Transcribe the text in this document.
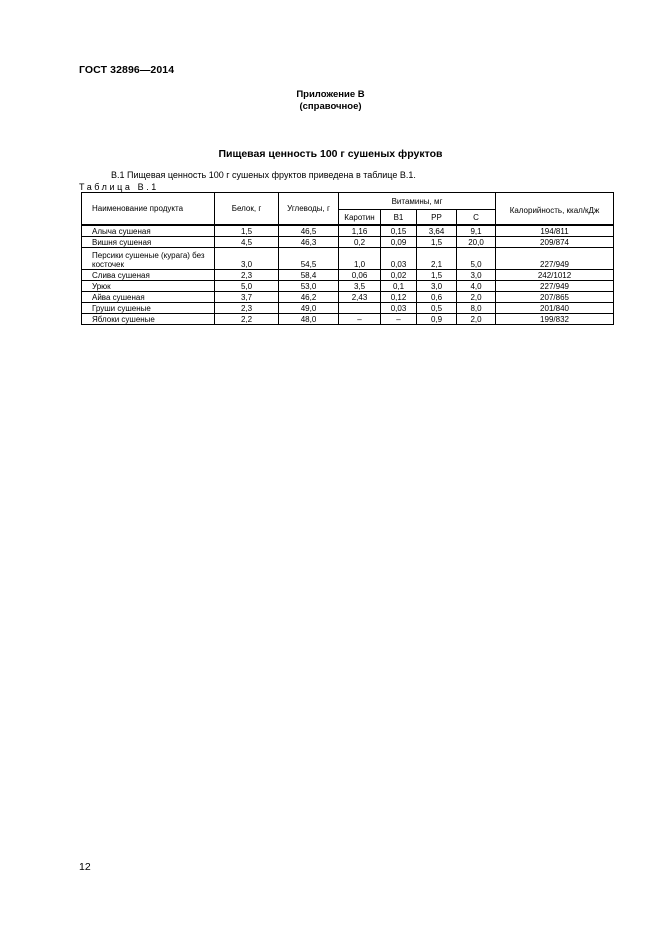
ГОСТ 32896—2014
Приложение В
(справочное)
Пищевая ценность 100 г сушеных фруктов
В.1 Пищевая ценность 100 г сушеных фруктов приведена в таблице В.1.
Таблица В.1
Наименование продукта	Белок, г	Углеводы, г	Витамины, мг				Калорийность, ккал/кДж
			Каротин	В1	РР	С	
Алыча сушеная	1,5	46,5	1,16	0,15	3,64	9,1	194/811
Вишня сушеная	4,5	46,3	0,2	0,09	1,5	20,0	209/874
Персики сушеные (курага) без косточек	3,0	54,5	1,0	0,03	2,1	5,0	227/949
Слива сушеная	2,3	58,4	0,06	0,02	1,5	3,0	242/1012
Урюк	5,0	53,0	3,5	0,1	3,0	4,0	227/949
Айва сушеная	3,7	46,2	2,43	0,12	0,6	2,0	207/865
Груши сушеные	2,3	49,0		0,03	0,5	8,0	201/840
Яблоки сушеные	2,2	48,0	–	–	0,9	2,0	199/832
12
